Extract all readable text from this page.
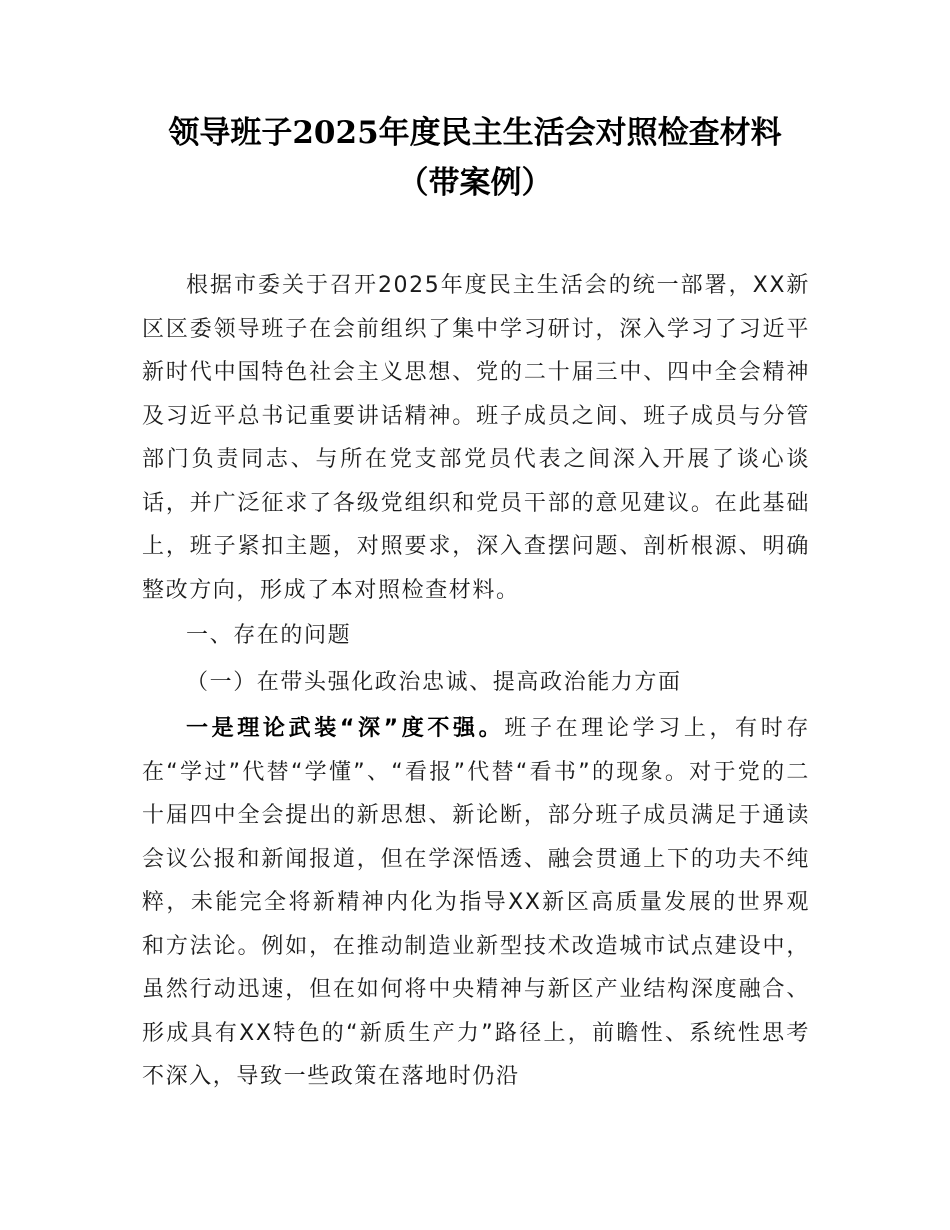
领导班子2025年度民主生活会对照检查材料
（带案例）

根据市委关于召开2025年度民主生活会的统一部署，XX新区区委领导班子在会前组织了集中学习研讨，深入学习了习近平新时代中国特色社会主义思想、党的二十届三中、四中全会精神及习近平总书记重要讲话精神。班子成员之间、班子成员与分管部门负责同志、与所在党支部党员代表之间深入开展了谈心谈话，并广泛征求了各级党组织和党员干部的意见建议。在此基础上，班子紧扣主题，对照要求，深入查摆问题、剖析根源、明确整改方向，形成了本对照检查材料。

一、存在的问题

（一）在带头强化政治忠诚、提高政治能力方面

一是理论武装“深”度不强。班子在理论学习上，有时存在“学过”代替“学懂”、“看报”代替“看书”的现象。对于党的二十届四中全会提出的新思想、新论断，部分班子成员满足于通读会议公报和新闻报道，但在学深悟透、融会贯通上下的功夫不纯粹，未能完全将新精神内化为指导XX新区高质量发展的世界观和方法论。例如，在推动制造业新型技术改造城市试点建设中，虽然行动迅速，但在如何将中央精神与新区产业结构深度融合、形成具有XX特色的“新质生产力”路径上，前瞻性、系统性思考不深入，导致一些政策在落地时仍沿
